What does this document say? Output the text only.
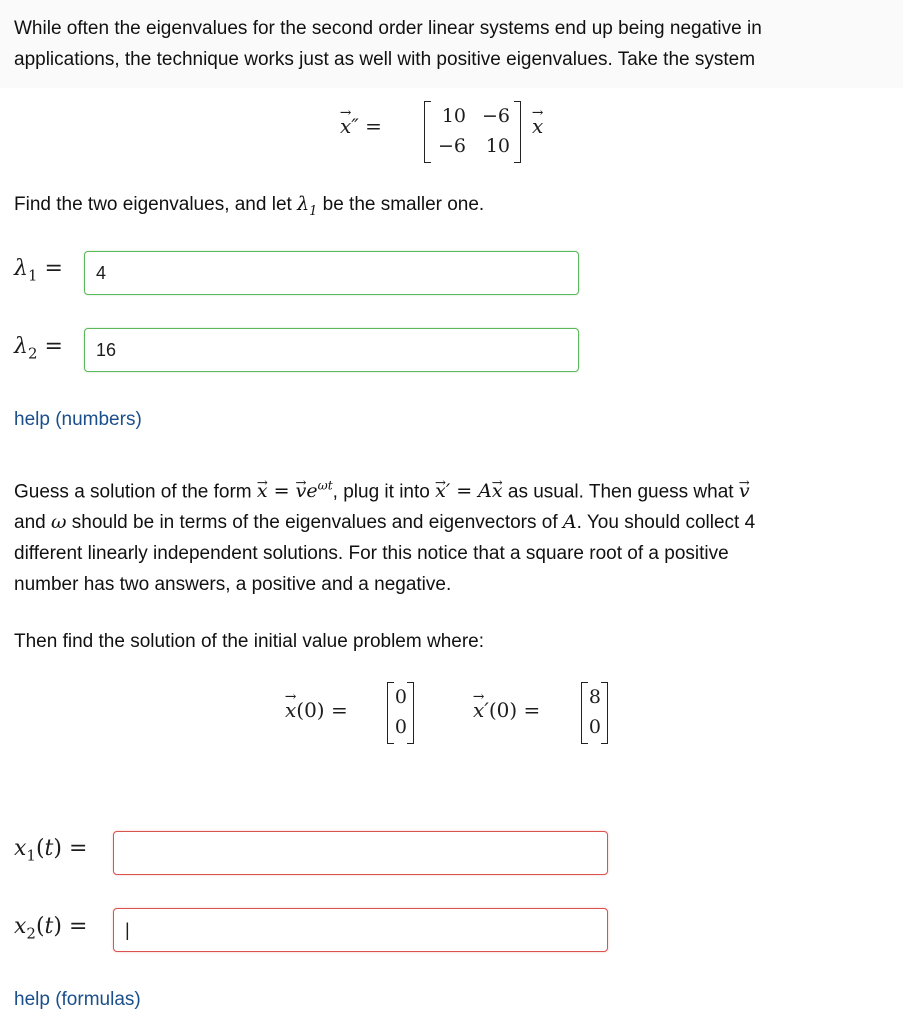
While often the eigenvalues for the second order linear systems end up being negative in

applications, the technique works just as well with positive eigenvalues. Take the system

→ x″ =	10 −6
−6	10
→ x

Find the two eigenvalues, and let $\lambda_1$ be the smaller one.

$\lambda_1$ =	4
$\lambda_2$ =	16
help (numbers)

Guess a solution of the form → x = → $ve^{\omega t}$, plug it into → x′ = A→ x as usual. Then guess what → v

and ω should be in terms of the eigenvalues and eigenvectors of A. You should collect 4

different linearly independent solutions. For this notice that a square root of a positive

number has two answers, a positive and a negative.

Then find the solution of the initial value problem where:

→ x(0) =
0
0
→ x′(0) =
8
0
$x_1(t)$ =
$x_2(t)$ =	|
help (formulas)
